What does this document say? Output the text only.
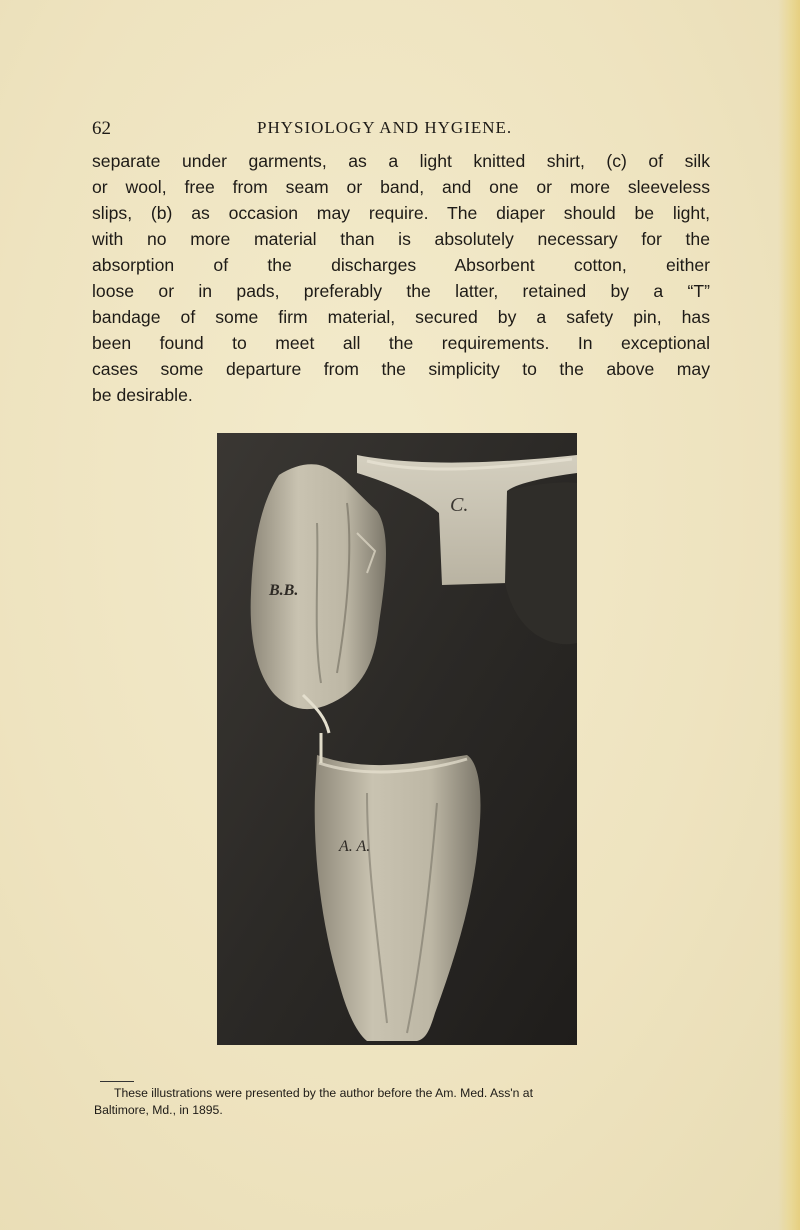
62	PHYSIOLOGY AND HYGIENE.

separate under garments, as a light knitted shirt, (c) of silk
or wool, free from seam or band, and one or more sleeveless
slips, (b) as occasion may require. The diaper should be light,
with no more material than is absolutely necessary for the
absorption of the discharges Absorbent cotton, either
loose or in pads, preferably the latter, retained by a “T”
bandage of some firm material, secured by a safety pin, has
been found to meet all the requirements. In exceptional
cases some departure from the simplicity to the above may
be desirable.

C.
B.B.
A. A.

These illustrations were presented by the author before the Am. Med. Ass'n at
Baltimore, Md., in 1895.
